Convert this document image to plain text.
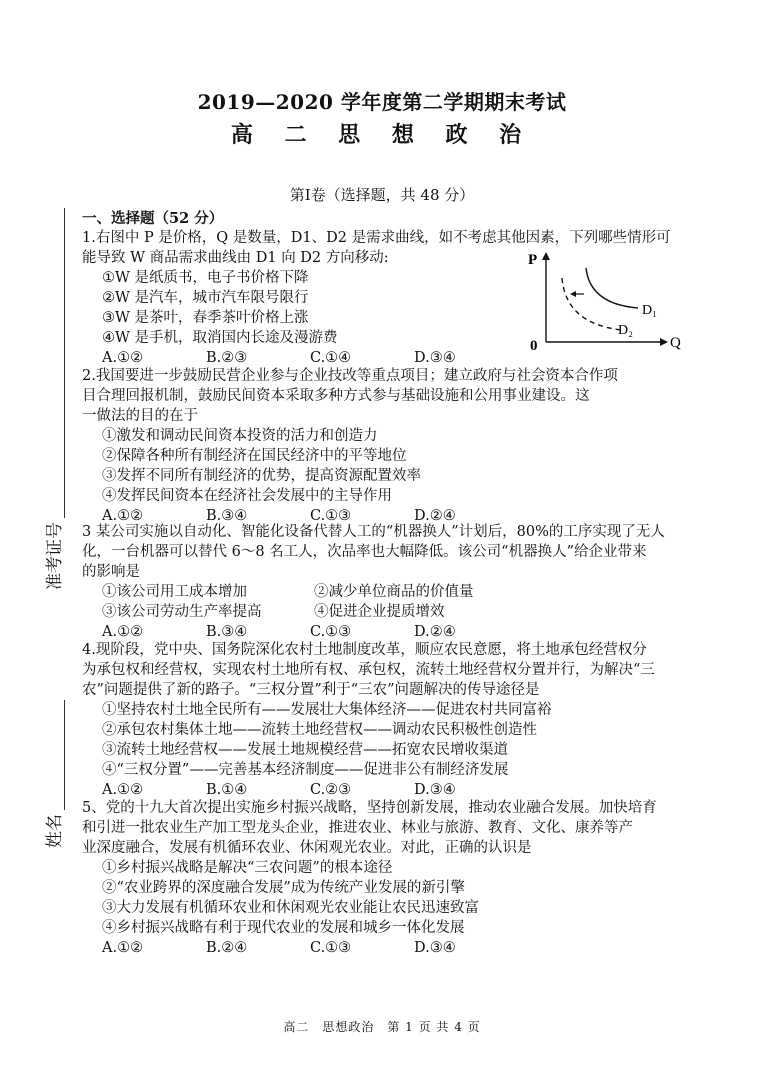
2019—2020 学年度第二学期期末考试
高 二 思 想 政 治
第Ⅰ卷（选择题，共 48 分）
一、选择题（52 分）
准考证号
姓名
P
Q
0
D₁
D₂
1.右图中 P 是价格，Q 是数量，D1、D2 是需求曲线，如不考虑其他因素，下列哪些情形可
能导致 W 商品需求曲线由 D1 向 D2 方向移动:
①W 是纸质书，电子书价格下降
②W 是汽车，城市汽车限号限行
③W 是茶叶，春季茶叶价格上涨
④W 是手机，取消国内长途及漫游费
A.①②	B.②③	C.①④	D.③④
2.我国要进一步鼓励民营企业参与企业技改等重点项目；建立政府与社会资本合作项
目合理回报机制，鼓励民间资本采取多种方式参与基础设施和公用事业建设。这
一做法的目的在于
①激发和调动民间资本投资的活力和创造力
②保障各种所有制经济在国民经济中的平等地位
③发挥不同所有制经济的优势，提高资源配置效率
④发挥民间资本在经济社会发展中的主导作用
A.①②	B.③④	C.①③	D.②④
3 某公司实施以自动化、智能化设备代替人工的“机器换人”计划后，80%的工序实现了无人
化，一台机器可以替代 6～8 名工人，次品率也大幅降低。该公司“机器换人”给企业带来
的影响是
①该公司用工成本增加	②减少单位商品的价值量
③该公司劳动生产率提高	④促进企业提质增效
A.①②	B.③④	C.①③	D.②④
4.现阶段，党中央、国务院深化农村土地制度改革，顺应农民意愿，将土地承包经营权分
为承包权和经营权，实现农村土地所有权、承包权，流转土地经营权分置并行，为解决“三
农”问题提供了新的路子。“三权分置”利于“三农”问题解决的传导途径是
①坚持农村土地全民所有——发展壮大集体经济——促进农村共同富裕
②承包农村集体土地——流转土地经营权——调动农民积极性创造性
③流转土地经营权——发展土地规模经营——拓宽农民增收渠道
④“三权分置”——完善基本经济制度——促进非公有制经济发展
A.①②	B.①④	C.②③	D.③④
5、党的十九大首次提出实施乡村振兴战略，坚持创新发展，推动农业融合发展。加快培育
和引进一批农业生产加工型龙头企业，推进农业、林业与旅游、教育、文化、康养等产
业深度融合，发展有机循环农业、休闲观光农业。对此，正确的认识是
①乡村振兴战略是解决“三农问题”的根本途径
②“农业跨界的深度融合发展”成为传统产业发展的新引擎
③大力发展有机循环农业和休闲观光农业能让农民迅速致富
④乡村振兴战略有利于现代农业的发展和城乡一体化发展
A.①②	B.②④	C.①③	D.③④
高二　思想政治　第 1 页 共 4 页
